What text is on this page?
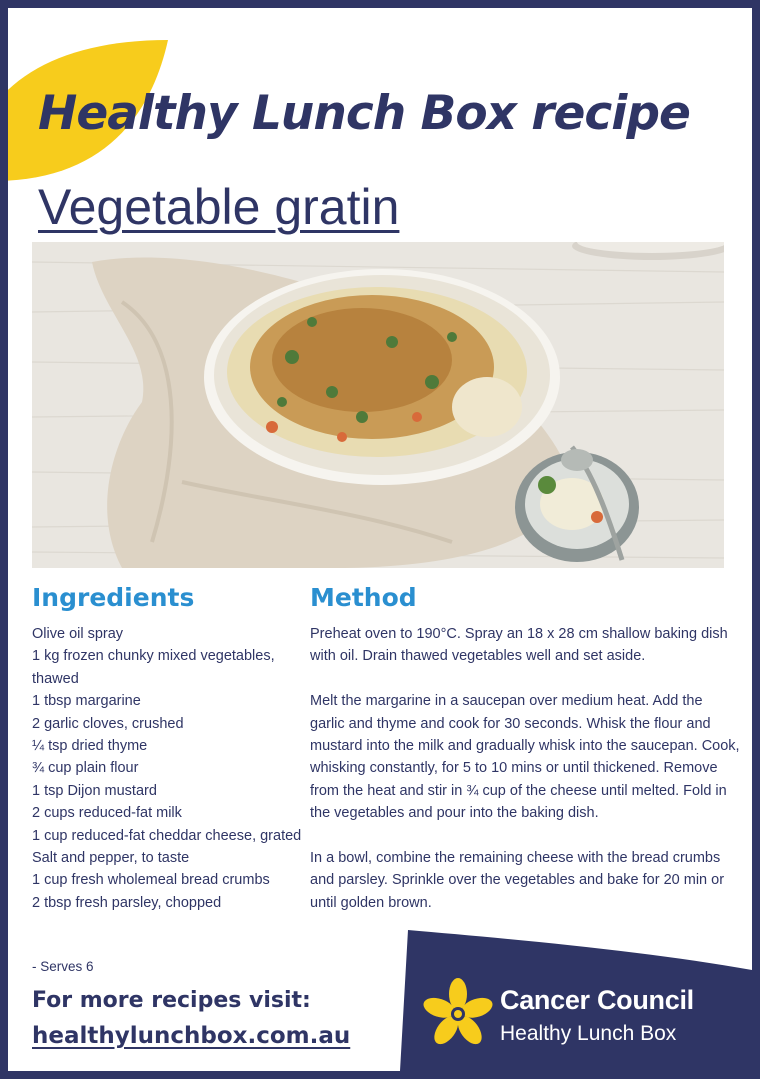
Healthy Lunch Box recipe
Vegetable gratin
Ingredients
Olive oil spray
1 kg frozen chunky mixed vegetables, thawed
1 tbsp margarine
2 garlic cloves, crushed
¼ tsp dried thyme
¾ cup plain flour
1 tsp Dijon mustard
2 cups reduced-fat milk
1 cup reduced-fat cheddar cheese, grated
Salt and pepper, to taste
1 cup fresh wholemeal bread crumbs
2 tbsp fresh parsley, chopped
Method

Preheat oven to 190°C. Spray an 18 x 28 cm shallow baking dish with oil. Drain thawed vegetables well and set aside.

Melt the margarine in a saucepan over medium heat. Add the garlic and thyme and cook for 30 seconds. Whisk the flour and mustard into the milk and gradually whisk into the saucepan. Cook, whisking constantly, for 5 to 10 mins or until thickened. Remove from the heat and stir in ¾ cup of the cheese until melted. Fold in the vegetables and pour into the baking dish.

In a bowl, combine the remaining cheese with the bread crumbs and parsley. Sprinkle over the vegetables and bake for 20 min or until golden brown.

- Serves 6

For more recipes visit:

healthylunchbox.com.au

Cancer Council

Healthy Lunch Box
